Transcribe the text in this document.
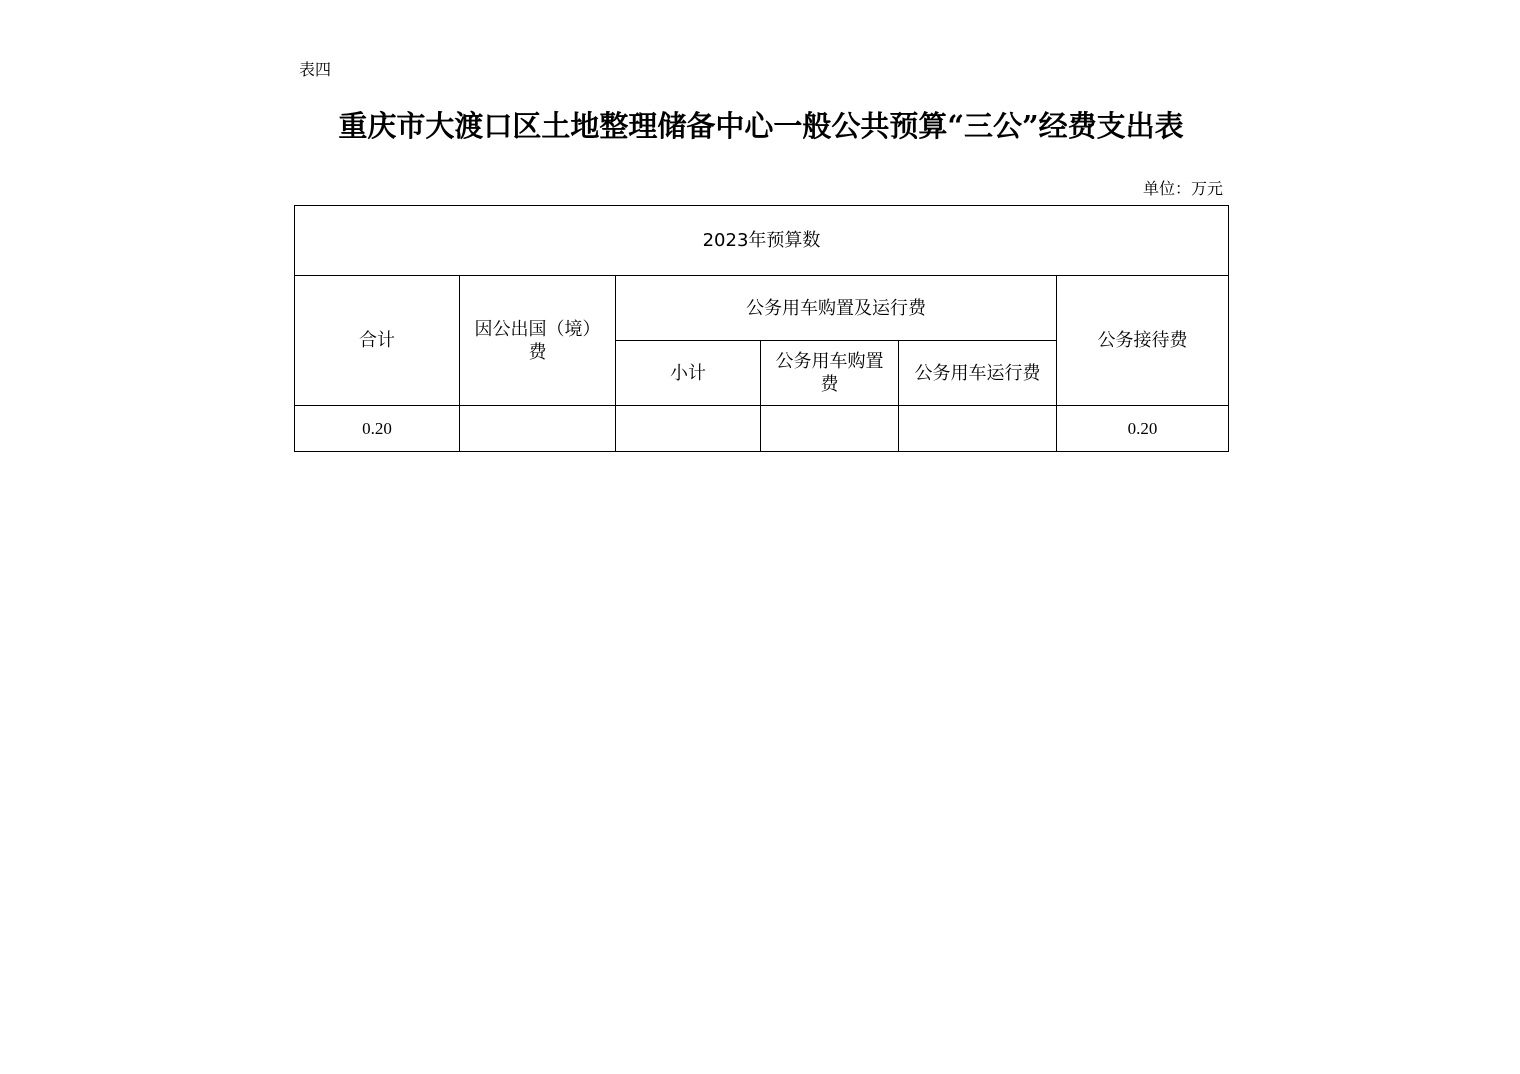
表四
重庆市大渡口区土地整理储备中心一般公共预算“三公”经费支出表
单位：万元
2023年预算数					
合计	因公出国（境）费	公务用车购置及运行费			公务接待费
		小计	公务用车购置费	公务用车运行费	
0.20					0.20
